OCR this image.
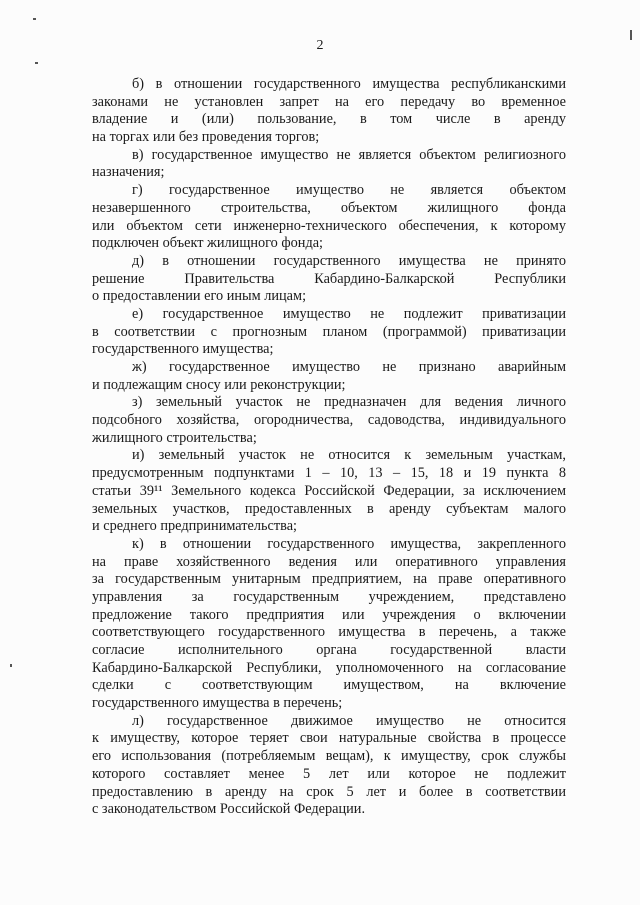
2
б) в отношении государственного имущества республиканскими
законами не установлен запрет на его передачу во временное
владение и (или) пользование, в том числе в аренду
на торгах или без проведения торгов;
в) государственное имущество не является объектом религиозного
назначения;
г) государственное имущество не является объектом
незавершенного строительства, объектом жилищного фонда
или объектом сети инженерно-технического обеспечения, к которому
подключен объект жилищного фонда;
д) в отношении государственного имущества не принято
решение Правительства Кабардино-Балкарской Республики
о предоставлении его иным лицам;
е) государственное имущество не подлежит приватизации
в соответствии с прогнозным планом (программой) приватизации
государственного имущества;
ж) государственное имущество не признано аварийным
и подлежащим сносу или реконструкции;
з) земельный участок не предназначен для ведения личного
подсобного хозяйства, огородничества, садоводства, индивидуального
жилищного строительства;
и) земельный участок не относится к земельным участкам,
предусмотренным подпунктами 1 – 10, 13 – 15, 18 и 19 пункта 8
статьи 39¹¹ Земельного кодекса Российской Федерации, за исключением
земельных участков, предоставленных в аренду субъектам малого
и среднего предпринимательства;
к) в отношении государственного имущества, закрепленного
на праве хозяйственного ведения или оперативного управления
за государственным унитарным предприятием, на праве оперативного
управления за государственным учреждением, представлено
предложение такого предприятия или учреждения о включении
соответствующего государственного имущества в перечень, а также
согласие исполнительного органа государственной власти
Кабардино-Балкарской Республики, уполномоченного на согласование
сделки с соответствующим имуществом, на включение
государственного имущества в перечень;
л) государственное движимое имущество не относится
к имуществу, которое теряет свои натуральные свойства в процессе
его использования (потребляемым вещам), к имуществу, срок службы
которого составляет менее 5 лет или которое не подлежит
предоставлению в аренду на срок 5 лет и более в соответствии
с законодательством Российской Федерации.
